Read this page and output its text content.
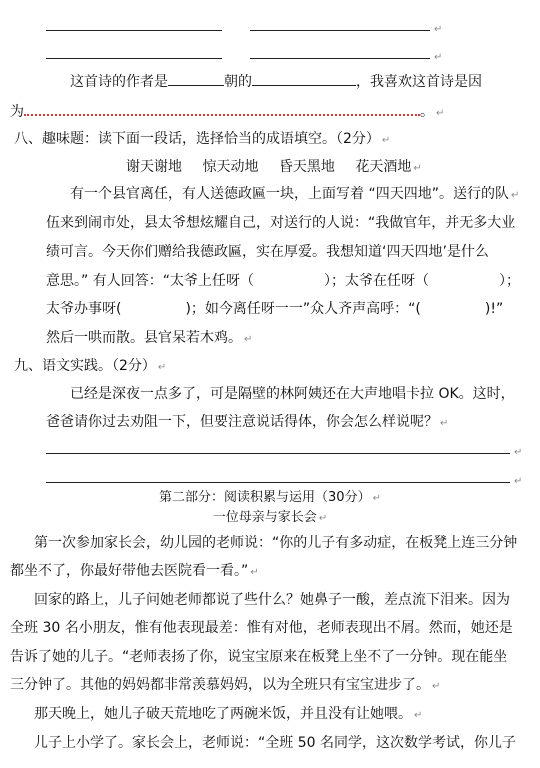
↵
↵
这首诗的作者是	朝的	，我喜欢这首诗是因
为	。 ↵
八、趣味题：读下面一段话，选择恰当的成语填空。（2分） ↵
谢天谢地 惊天动地 昏天黑地 花天酒地 ↵
有一个县官离任，有人送德政匾一块，上面写着 “四天四地”。送行的队 ↵
伍来到闹市处，县太爷想炫耀自己，对送行的人说：“我做官年，并无多大业
绩可言。今天你们赠给我德政匾，实在厚爱。我想知道‘四天四地’是什么
意思。” 有人回答：“太爷上任呀（	）；太爷在任呀（	）；
太爷办事呀(	)；如今离任呀一一”众人齐声高呼：“(	)!”
然后一哄而散。县官呆若木鸡。 ↵
九、语文实践。（2分） ↵
已经是深夜一点多了，可是隔壁的林阿姨还在大声地唱卡拉 OK。这时，
爸爸请你过去劝阻一下，但要注意说话得体，你会怎么样说呢？ ↵
↵
↵
第二部分：阅读积累与运用（30分） ↵
一位母亲与家长会 ↵
第一次参加家长会，幼儿园的老师说：“你的儿子有多动症，在板凳上连三分钟
都坐不了，你最好带他去医院看一看。” ↵
回家的路上，儿子问她老师都说了些什么？她鼻子一酸，差点流下泪来。因为
全班 30 名小朋友，惟有他表现最差：惟有对他，老师表现出不屑。然而，她还是
告诉了她的儿子。“老师表扬了你，说宝宝原来在板凳上坐不了一分钟。现在能坐
三分钟了。其他的妈妈都非常羡慕妈妈，以为全班只有宝宝进步了。 ↵
那天晚上，她儿子破天荒地吃了两碗米饭，并且没有让她喂。 ↵
儿子上小学了。家长会上，老师说：“全班 50 名同学，这次数学考试，你儿子
